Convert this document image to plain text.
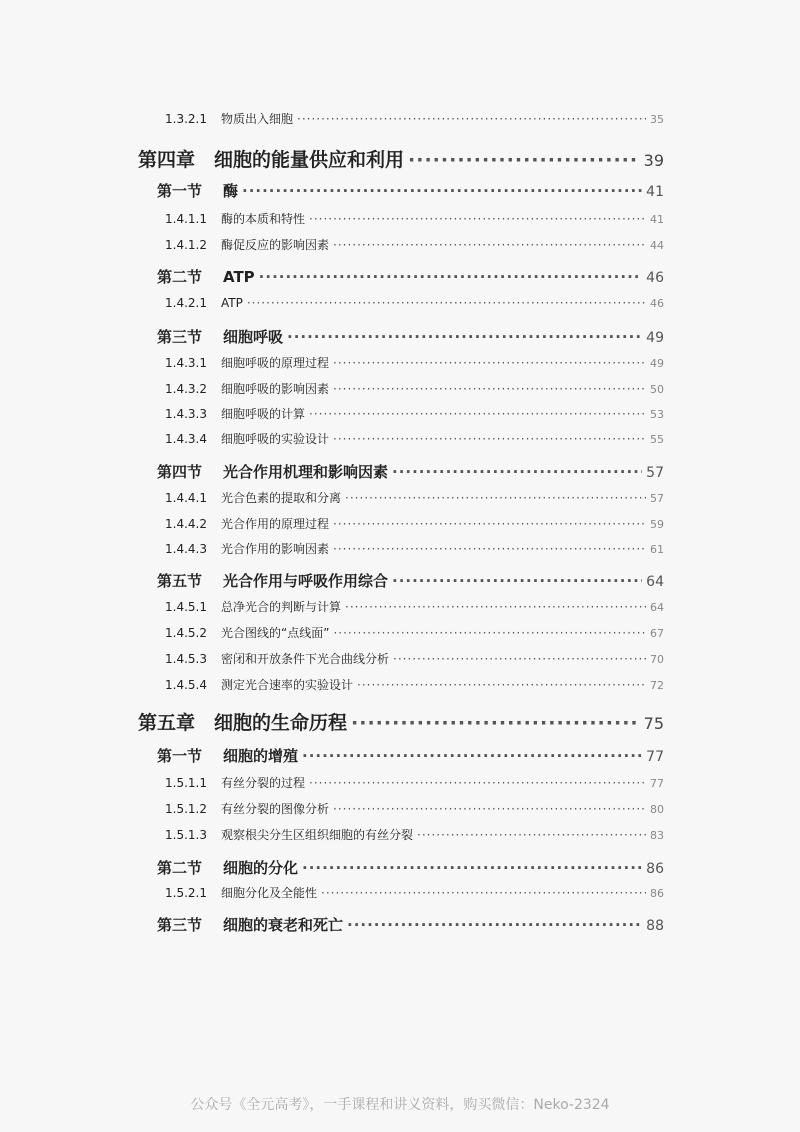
1.3.2.1	物质出入细胞 ·····	35
第四章 细胞的能量供应和利用 ·····	39
第一节	酶 ·····	41
1.4.1.1	酶的本质和特性 ·····	41
1.4.1.2	酶促反应的影响因素 ·····	44
第二节	ATP ·····	46
1.4.2.1	ATP ·····	46
第三节	细胞呼吸 ·····	49
1.4.3.1	细胞呼吸的原理过程 ·····	49
1.4.3.2	细胞呼吸的影响因素 ·····	50
1.4.3.3	细胞呼吸的计算 ·····	53
1.4.3.4	细胞呼吸的实验设计 ·····	55
第四节	光合作用机理和影响因素 ·····	57
1.4.4.1	光合色素的提取和分离 ·····	57
1.4.4.2	光合作用的原理过程 ·····	59
1.4.4.3	光合作用的影响因素 ·····	61
第五节	光合作用与呼吸作用综合 ·····	64
1.4.5.1	总净光合的判断与计算 ·····	64
1.4.5.2	光合图线的“点线面” ·····	67
1.4.5.3	密闭和开放条件下光合曲线分析 ·····	70
1.4.5.4	测定光合速率的实验设计 ·····	72
第五章 细胞的生命历程 ·····	75
第一节	细胞的增殖 ·····	77
1.5.1.1	有丝分裂的过程 ·····	77
1.5.1.2	有丝分裂的图像分析 ·····	80
1.5.1.3	观察根尖分生区组织细胞的有丝分裂 ·····	83
第二节	细胞的分化 ·····	86
1.5.2.1	细胞分化及全能性 ·····	86
第三节	细胞的衰老和死亡 ·····	88
公众号《全元高考》，一手课程和讲义资料，购买微信：Neko-2324
